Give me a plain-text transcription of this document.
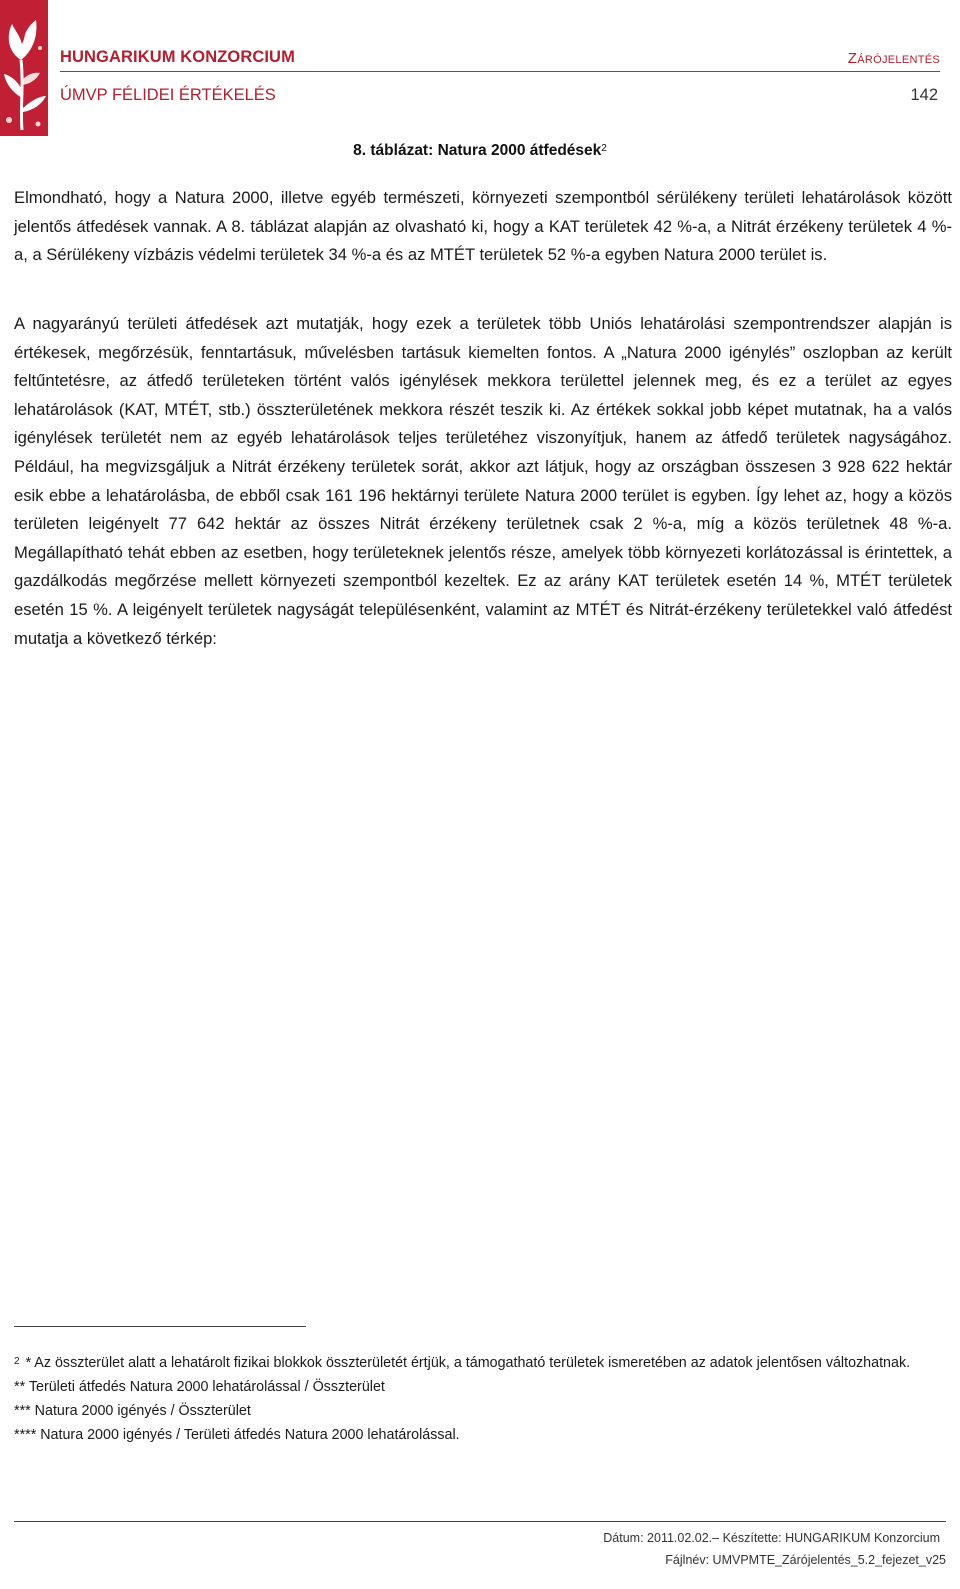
HUNGARIKUM KONZORCIUM	Zárójelentés
ÚMVP FÉLIDEI ÉRTÉKELÉS	142
8. táblázat: Natura 2000 átfedések$^2$

Elmondható, hogy a Natura 2000, illetve egyéb természeti, környezeti szempontból sérülékeny területi lehatárolások között jelentős átfedések vannak. A 8. táblázat alapján az olvasható ki, hogy a KAT területek 42 %-a, a Nitrát érzékeny területek 4 %-a, a Sérülékeny vízbázis védelmi területek 34 %-a és az MTÉT területek 52 %-a egyben Natura 2000 terület is.

A nagyarányú területi átfedések azt mutatják, hogy ezek a területek több Uniós lehatárolási szempontrendszer alapján is értékesek, megőrzésük, fenntartásuk, művelésben tartásuk kiemelten fontos. A „Natura 2000 igénylés” oszlopban az került feltűntetésre, az átfedő területeken történt valós igénylések mekkora területtel jelennek meg, és ez a terület az egyes lehatárolások (KAT, MTÉT, stb.) összterületének mekkora részét teszik ki. Az értékek sokkal jobb képet mutatnak, ha a valós igénylések területét nem az egyéb lehatárolások teljes területéhez viszonyítjuk, hanem az átfedő területek nagyságához. Például, ha megvizsgáljuk a Nitrát érzékeny területek sorát, akkor azt látjuk, hogy az országban összesen 3 928 622 hektár esik ebbe a lehatárolásba, de ebből csak 161 196 hektárnyi területe Natura 2000 terület is egyben. Így lehet az, hogy a közös területen leigényelt 77 642 hektár az összes Nitrát érzékeny területnek csak 2 %-a, míg a közös területnek 48 %-a. Megállapítható tehát ebben az esetben, hogy területeknek jelentős része, amelyek több környezeti korlátozással is érintettek, a gazdálkodás megőrzése mellett környezeti szempontból kezeltek. Ez az arány KAT területek esetén 14 %, MTÉT területek esetén 15 %. A leigényelt területek nagyságát településenként, valamint az MTÉT és Nitrát-érzékeny területekkel való átfedést mutatja a következő térkép:

$^2$ * Az összterület alatt a lehatárolt fizikai blokkok összterületét értjük, a támogatható területek ismeretében az adatok jelentősen változhatnak.

** Területi átfedés Natura 2000 lehatárolással / Összterület

*** Natura 2000 igényés / Összterület

**** Natura 2000 igényés / Területi átfedés Natura 2000 lehatárolással.

Dátum: 2011.02.02.– Készítette: HUNGARIKUM Konzorcium
Fájlnév: UMVPMTE_Zárójelentés_5.2_fejezet_v25
